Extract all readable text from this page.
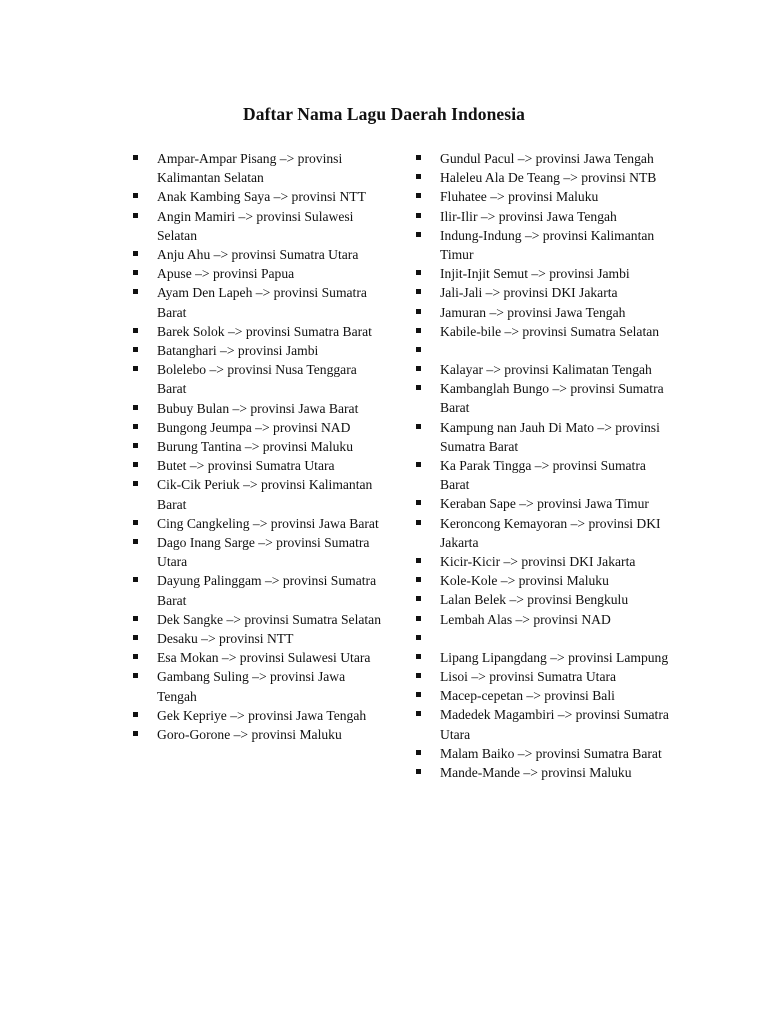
Daftar Nama Lagu Daerah Indonesia
Ampar-Ampar Pisang –> provinsi Kalimantan Selatan
Anak Kambing Saya –> provinsi NTT
Angin Mamiri –> provinsi Sulawesi Selatan
Anju Ahu –> provinsi Sumatra Utara
Apuse –> provinsi Papua
Ayam Den Lapeh –> provinsi Sumatra Barat
Barek Solok –> provinsi Sumatra Barat
Batanghari –> provinsi Jambi
Bolelebo –> provinsi Nusa Tenggara Barat
Bubuy Bulan –> provinsi Jawa Barat
Bungong Jeumpa –> provinsi NAD
Burung Tantina –> provinsi Maluku
Butet –> provinsi Sumatra Utara
Cik-Cik Periuk –> provinsi Kalimantan Barat
Cing Cangkeling –> provinsi Jawa Barat
Dago Inang Sarge –> provinsi Sumatra Utara
Dayung Palinggam –> provinsi Sumatra Barat
Dek Sangke –> provinsi Sumatra Selatan
Desaku –> provinsi NTT
Esa Mokan –> provinsi Sulawesi Utara
Gambang Suling –> provinsi Jawa Tengah
Gek Kepriye –> provinsi Jawa Tengah
Goro-Gorone –> provinsi Maluku
Gundul Pacul –> provinsi Jawa Tengah
Haleleu Ala De Teang –> provinsi NTB
Fluhatee –> provinsi Maluku
Ilir-Ilir –> provinsi Jawa Tengah
Indung-Indung –> provinsi Kalimantan Timur
Injit-Injit Semut –> provinsi Jambi
Jali-Jali –> provinsi DKI Jakarta
Jamuran –> provinsi Jawa Tengah
Kabile-bile –> provinsi Sumatra Selatan
Kalayar –> provinsi Kalimatan Tengah
Kambanglah Bungo –> provinsi Sumatra Barat
Kampung nan Jauh Di Mato –> provinsi Sumatra Barat
Ka Parak Tingga –> provinsi Sumatra Barat
Keraban Sape –> provinsi Jawa Timur
Keroncong Kemayoran –> provinsi DKI Jakarta
Kicir-Kicir –> provinsi DKI Jakarta
Kole-Kole –> provinsi Maluku
Lalan Belek –> provinsi Bengkulu
Lembah Alas –> provinsi NAD
Lipang Lipangdang –> provinsi Lampung
Lisoi –> provinsi Sumatra Utara
Macep-cepetan –> provinsi Bali
Madedek Magambiri –> provinsi Sumatra Utara
Malam Baiko –> provinsi Sumatra Barat
Mande-Mande –> provinsi Maluku
